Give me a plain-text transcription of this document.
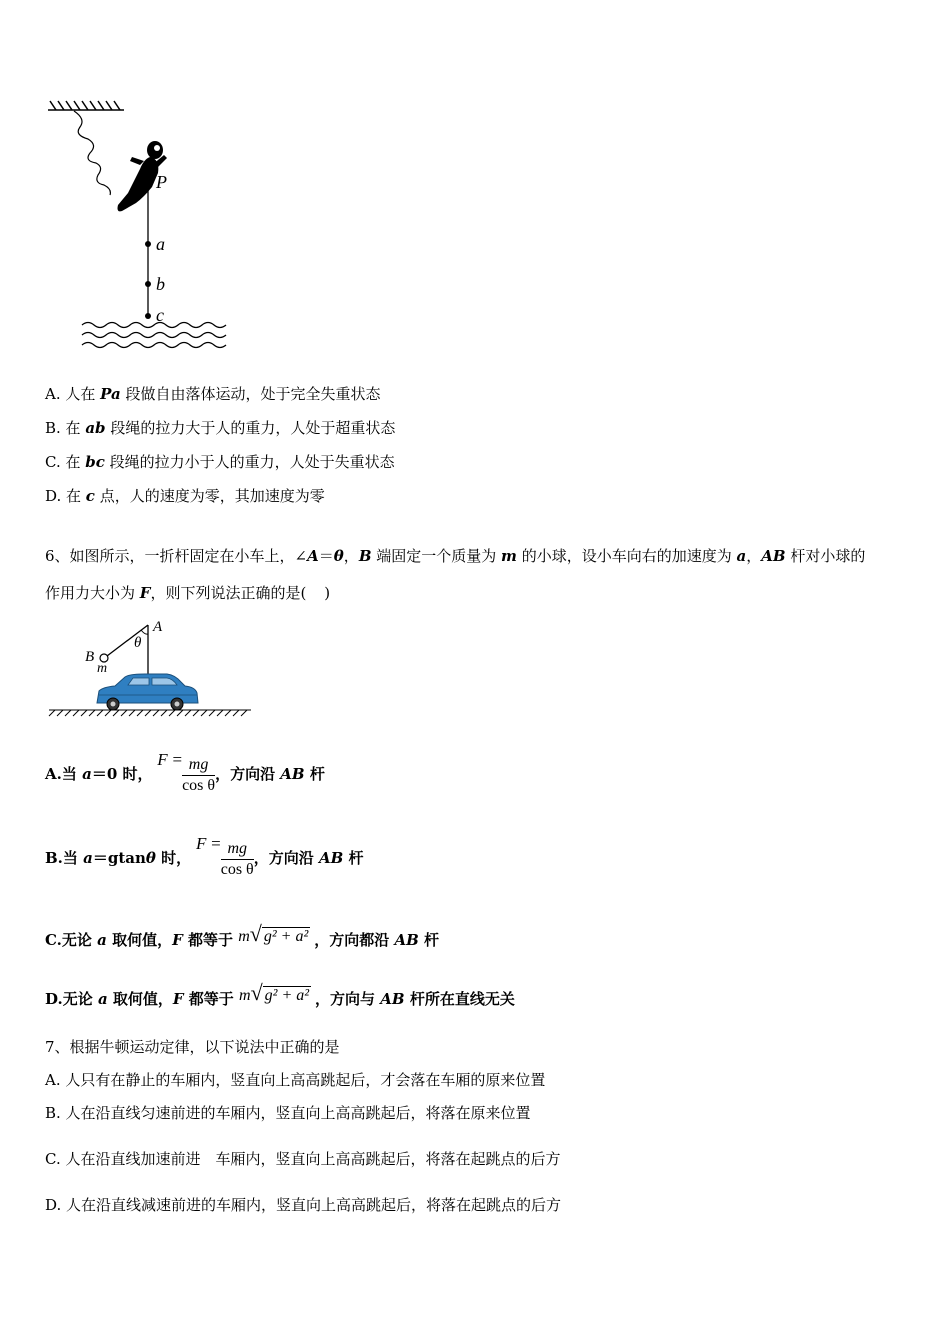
P
a
b
c
A. 人在 Pa 段做自由落体运动，处于完全失重状态
B. 在 ab 段绳的拉力大于人的重力，人处于超重状态
C. 在 bc 段绳的拉力小于人的重力，人处于失重状态
D. 在 c 点，人的速度为零，其加速度为零
6、如图所示，一折杆固定在小车上，∠A＝θ，B 端固定一个质量为 m 的小球，设小车向右的加速度为 a，AB 杆对小球的
作用力大小为 F，则下列说法正确的是( )
A
B
m
θ
A.当 a＝0 时， $F = \frac{mg}{\text{cos θ}}$ ，方向沿 AB 杆
B.当 a＝gtanθ 时， $F = \frac{mg}{\text{cos θ}}$ ，方向沿 AB 杆
C.无论 a 取何值，F 都等于 m√ g² + a² ，方向都沿 AB 杆
D.无论 a 取何值，F 都等于 m√ g² + a² ，方向与 AB 杆所在直线无关
7、根据牛顿运动定律，以下说法中正确的是
A. 人只有在静止的车厢内，竖直向上高高跳起后，才会落在车厢的原来位置
B. 人在沿直线匀速前进的车厢内，竖直向上高高跳起后，将落在原来位置
C. 人在沿直线加速前进　车厢内，竖直向上高高跳起后，将落在起跳点的后方
D. 人在沿直线减速前进的车厢内，竖直向上高高跳起后，将落在起跳点的后方
